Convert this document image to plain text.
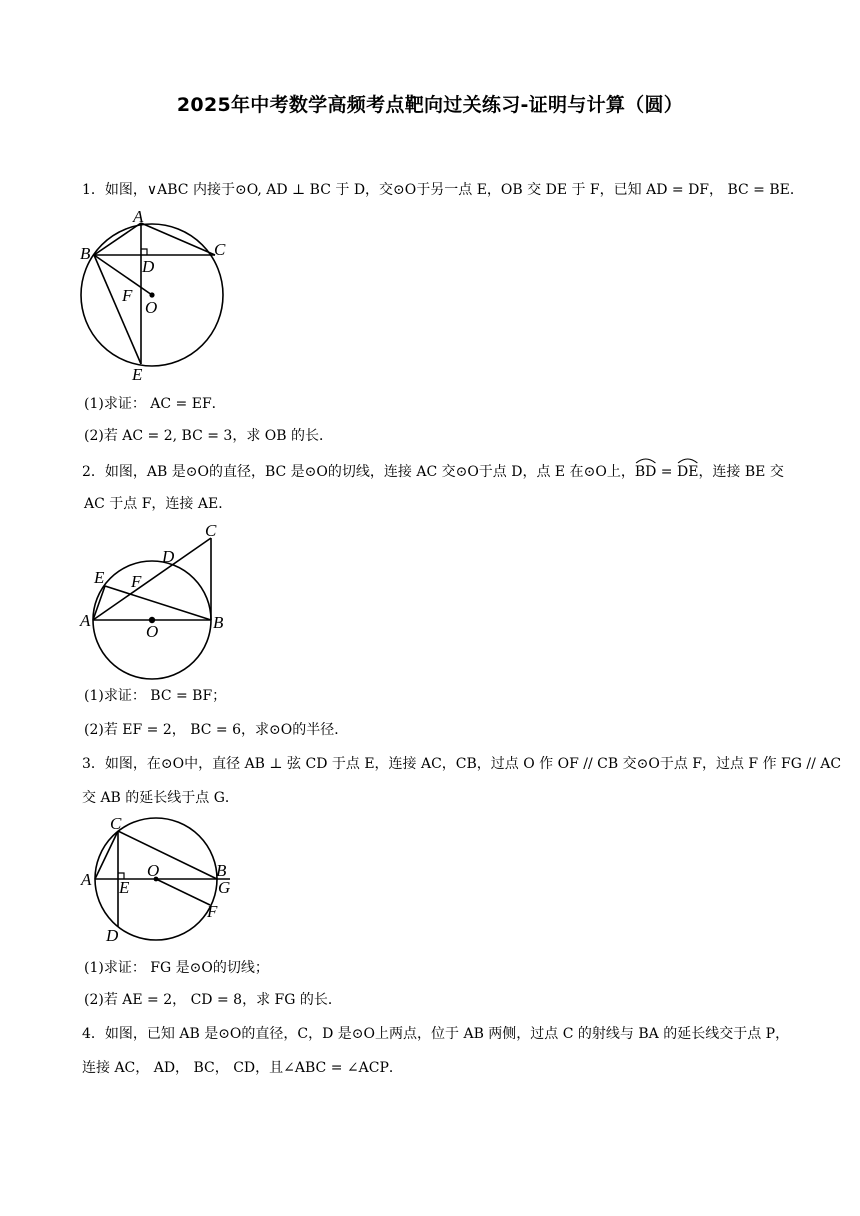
2025年中考数学高频考点靶向过关练习-证明与计算（圆）
1．如图，∨ABC 内接于⊙O, AD ⊥ BC 于 D，交⊙O于另一点 E，OB 交 DE 于 F，已知 AD = DF， BC = BE．
A
B	C
D
F
O
E
(1)求证： AC = EF．
(2)若 AC = 2, BC = 3，求 OB 的长．
2．如图，AB 是⊙O的直径，BC 是⊙O的切线，连接 AC 交⊙O于点 D，点 E 在⊙O上，BD
= DE
，连接 BE 交
AC 于点 F，连接 AE．
C
D
E F
A	B
O
(1)求证： BC = BF；
(2)若 EF = 2， BC = 6，求⊙O的半径．
3．如图，在⊙O中，直径 AB ⊥ 弦 CD 于点 E，连接 AC，CB，过点 O 作 OF // CB 交⊙O于点 F，过点 F 作 FG // AC
交 AB 的延长线于点 G．
C
A E
O	B
G
F
D
(1)求证： FG 是⊙O的切线；
(2)若 AE = 2， CD = 8，求 FG 的长．
4．如图，已知 AB 是⊙O的直径，C，D 是⊙O上两点，位于 AB 两侧，过点 C 的射线与 BA 的延长线交于点 P，
连接 AC， AD， BC， CD，且∠ABC = ∠ACP．
